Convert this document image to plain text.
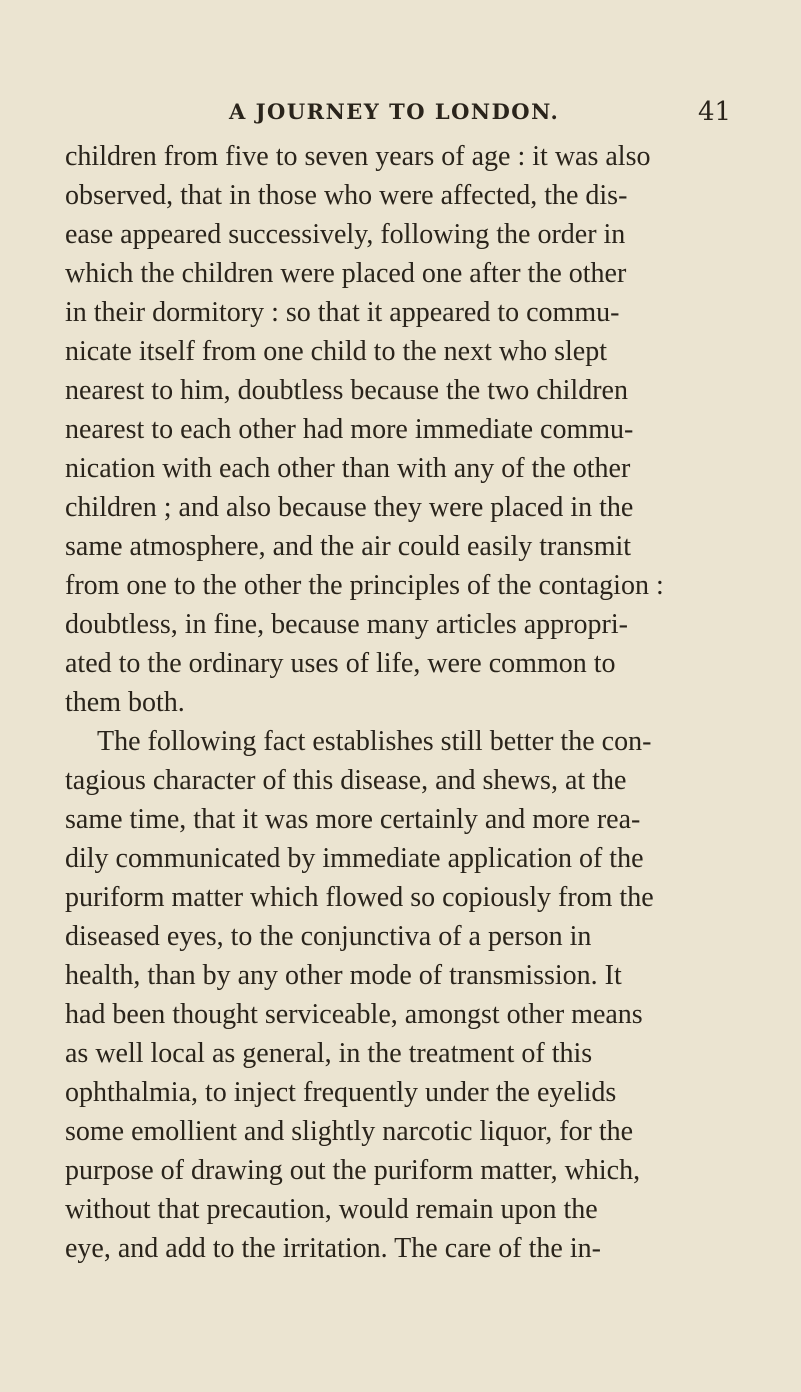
A JOURNEY TO LONDON.	41
children from five to seven years of age : it was also
observed, that in those who were affected, the dis-
ease appeared successively, following the order in
which the children were placed one after the other
in their dormitory : so that it appeared to commu-
nicate itself from one child to the next who slept
nearest to him, doubtless because the two children
nearest to each other had more immediate commu-
nication with each other than with any of the other
children ; and also because they were placed in the
same atmosphere, and the air could easily transmit
from one to the other the principles of the contagion :
doubtless, in fine, because many articles appropri-
ated to the ordinary uses of life, were common to
them both.
The following fact establishes still better the con-
tagious character of this disease, and shews, at the
same time, that it was more certainly and more rea-
dily communicated by immediate application of the
puriform matter which flowed so copiously from the
diseased eyes, to the conjunctiva of a person in
health, than by any other mode of transmission. It
had been thought serviceable, amongst other means
as well local as general, in the treatment of this
ophthalmia, to inject frequently under the eyelids
some emollient and slightly narcotic liquor, for the
purpose of drawing out the puriform matter, which,
without that precaution, would remain upon the
eye, and add to the irritation. The care of the in-
